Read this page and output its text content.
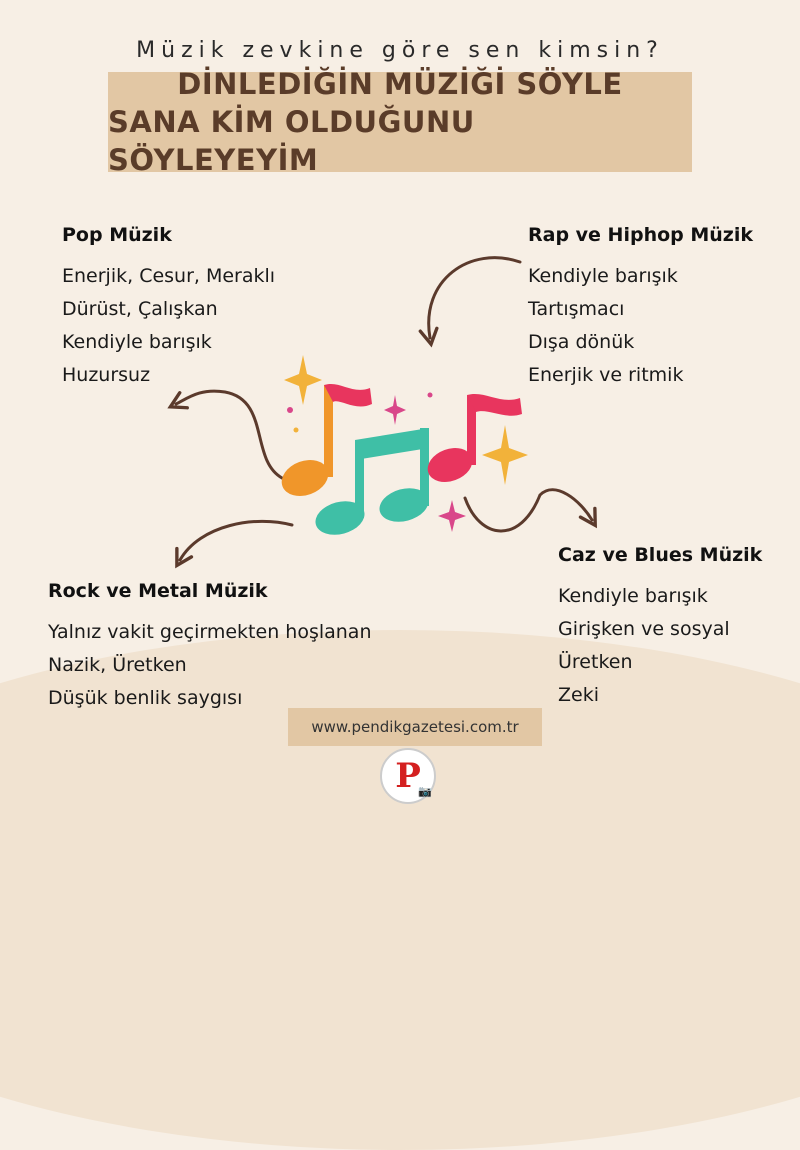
Müzik zevkine göre sen kimsin?
DİNLEDİĞİN MÜZİĞİ SÖYLE
SANA KİM OLDUĞUNU SÖYLEYEYİM
Pop Müzik
Enerjik, Cesur, Meraklı
Dürüst, Çalışkan
Kendiyle barışık
Huzursuz
Rap ve Hiphop Müzik
Kendiyle barışık
Tartışmacı
Dışa dönük
Enerjik ve ritmik
Caz ve Blues Müzik
Kendiyle barışık
Girişken ve sosyal
Üretken
Zeki
Rock ve Metal Müzik
Yalnız vakit geçirmekten hoşlanan
Nazik, Üretken
Düşük benlik saygısı
www.pendikgazetesi.com.tr
P
📷
